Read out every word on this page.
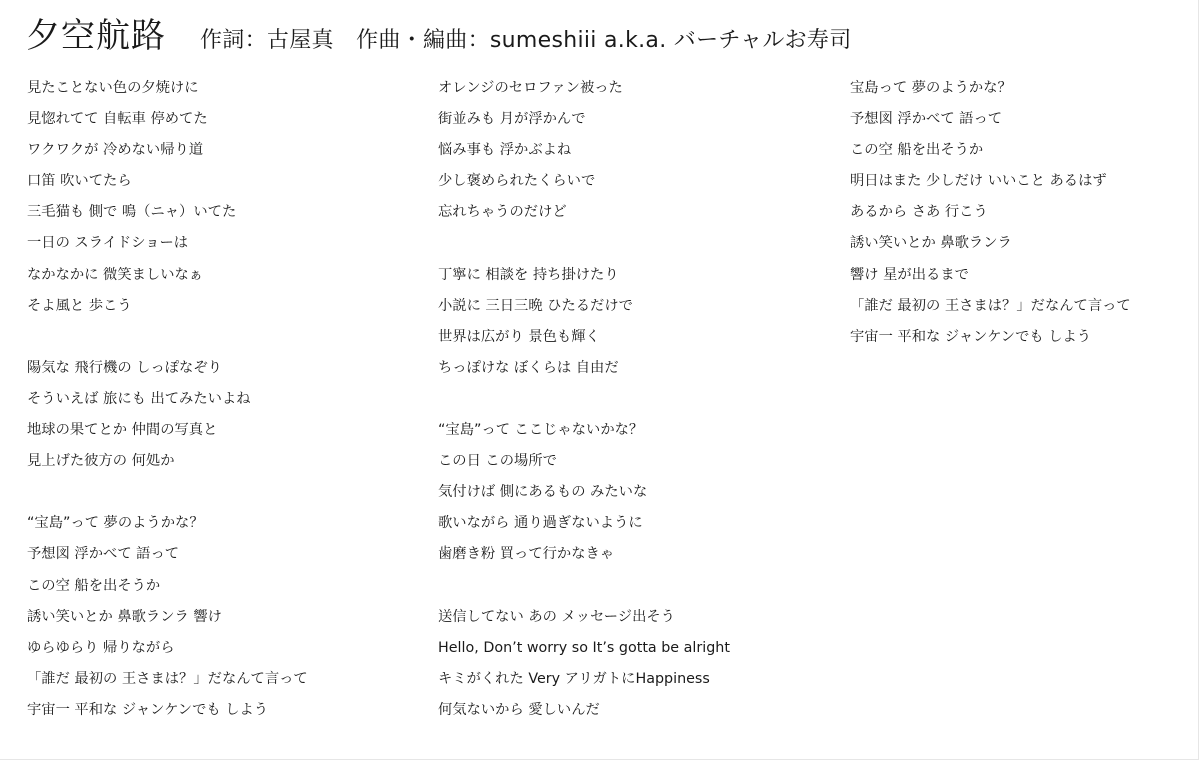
夕空航路 作詞：古屋真　作曲・編曲：sumeshiii a.k.a. バーチャルお寿司
見たことない色の夕焼けに
見惚れてて 自転車 停めてた
ワクワクが 冷めない帰り道
口笛 吹いてたら
三毛猫も 側で 鳴（ニャ）いてた
一日の スライドショーは
なかなかに 微笑ましいなぁ
そよ風と 歩こう
陽気な 飛行機の しっぽなぞり
そういえば 旅にも 出てみたいよね
地球の果てとか 仲間の写真と
見上げた彼方の 何処か
“宝島”って 夢のようかな？
予想図 浮かべて 語って
この空 船を出そうか
誘い笑いとか 鼻歌ランラ 響け
ゆらゆらり 帰りながら
「誰だ 最初の 王さまは？」だなんて言って
宇宙一 平和な ジャンケンでも しよう
オレンジのセロファン被った
街並みも 月が浮かんで
悩み事も 浮かぶよね
少し褒められたくらいで
忘れちゃうのだけど
丁寧に 相談を 持ち掛けたり
小説に 三日三晩 ひたるだけで
世界は広がり 景色も輝く
ちっぽけな ぼくらは 自由だ
“宝島”って ここじゃないかな？
この日 この場所で
気付けば 側にあるもの みたいな
歌いながら 通り過ぎないように
歯磨き粉 買って行かなきゃ
送信してない あの メッセージ出そう
Hello, Don’t worry so It’s gotta be alright
キミがくれた Very アリガトにHappiness
何気ないから 愛しいんだ
宝島って 夢のようかな？
予想図 浮かべて 語って
この空 船を出そうか
明日はまた 少しだけ いいこと あるはず
あるから さあ 行こう
誘い笑いとか 鼻歌ランラ
響け 星が出るまで
「誰だ 最初の 王さまは？」だなんて言って
宇宙一 平和な ジャンケンでも しよう
